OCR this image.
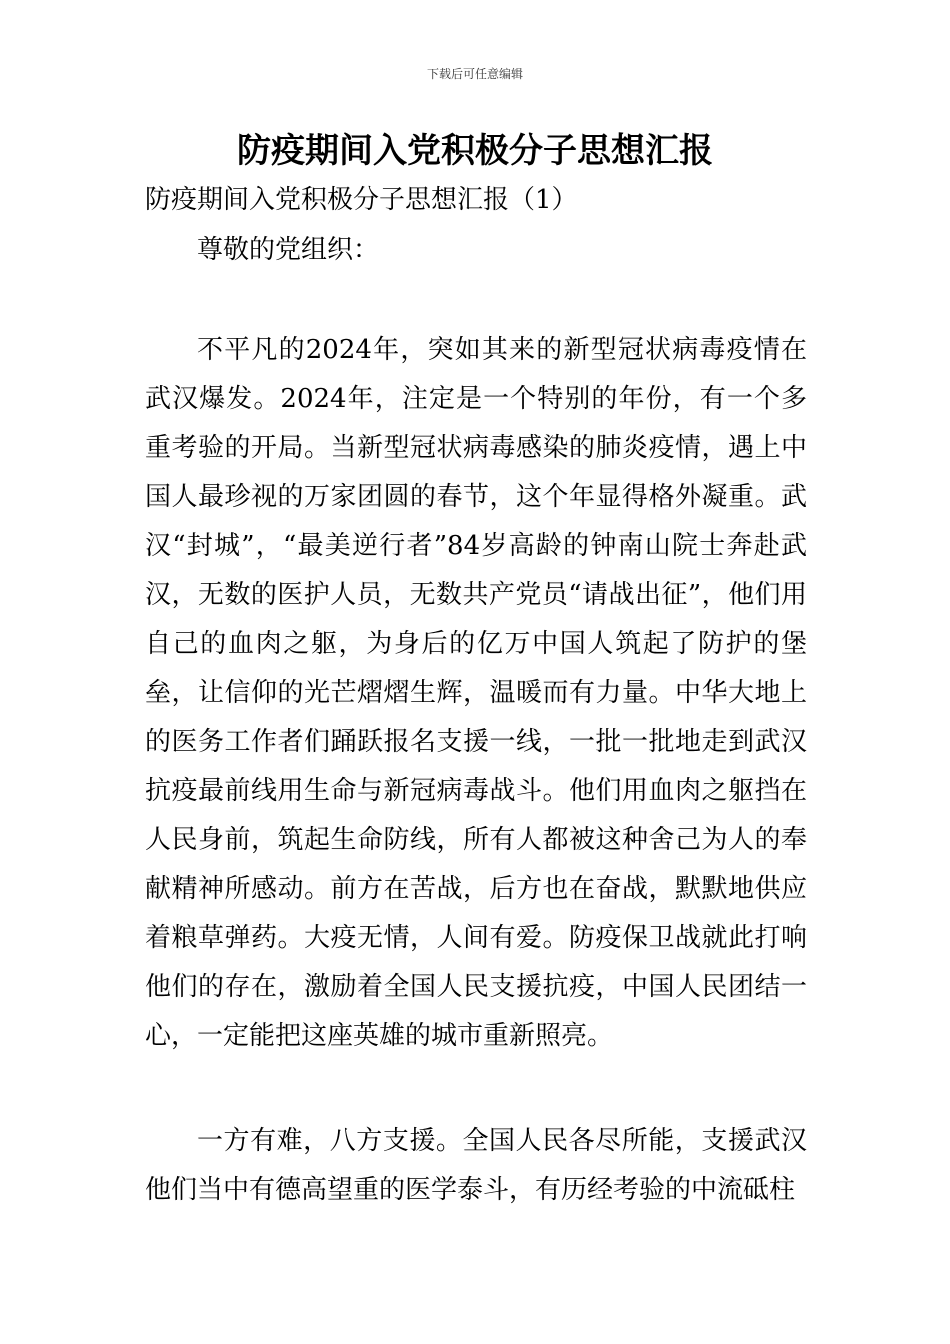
下载后可任意编辑
防疫期间入党积极分子思想汇报

防疫期间入党积极分子思想汇报（1）

尊敬的党组织：

不平凡的2024年，突如其来的新型冠状病毒疫情在武汉爆发。2024年，注定是一个特别的年份，有一个多重考验的开局。当新型冠状病毒感染的肺炎疫情，遇上中国人最珍视的万家团圆的春节，这个年显得格外凝重。武汉“封城”，“最美逆行者”84岁高龄的钟南山院士奔赴武汉，无数的医护人员，无数共产党员“请战出征”，他们用自己的血肉之躯，为身后的亿万中国人筑起了防护的堡垒，让信仰的光芒熠熠生辉，温暖而有力量。中华大地上的医务工作者们踊跃报名支援一线，一批一批地走到武汉抗疫最前线用生命与新冠病毒战斗。他们用血肉之躯挡在人民身前，筑起生命防线，所有人都被这种舍己为人的奉献精神所感动。前方在苦战，后方也在奋战，默默地供应着粮草弹药。大疫无情，人间有爱。防疫保卫战就此打响他们的存在，激励着全国人民支援抗疫，中国人民团结一心，一定能把这座英雄的城市重新照亮。

一方有难，八方支援。全国人民各尽所能，支援武汉他们当中有德高望重的医学泰斗，有历经考验的中流砥柱
